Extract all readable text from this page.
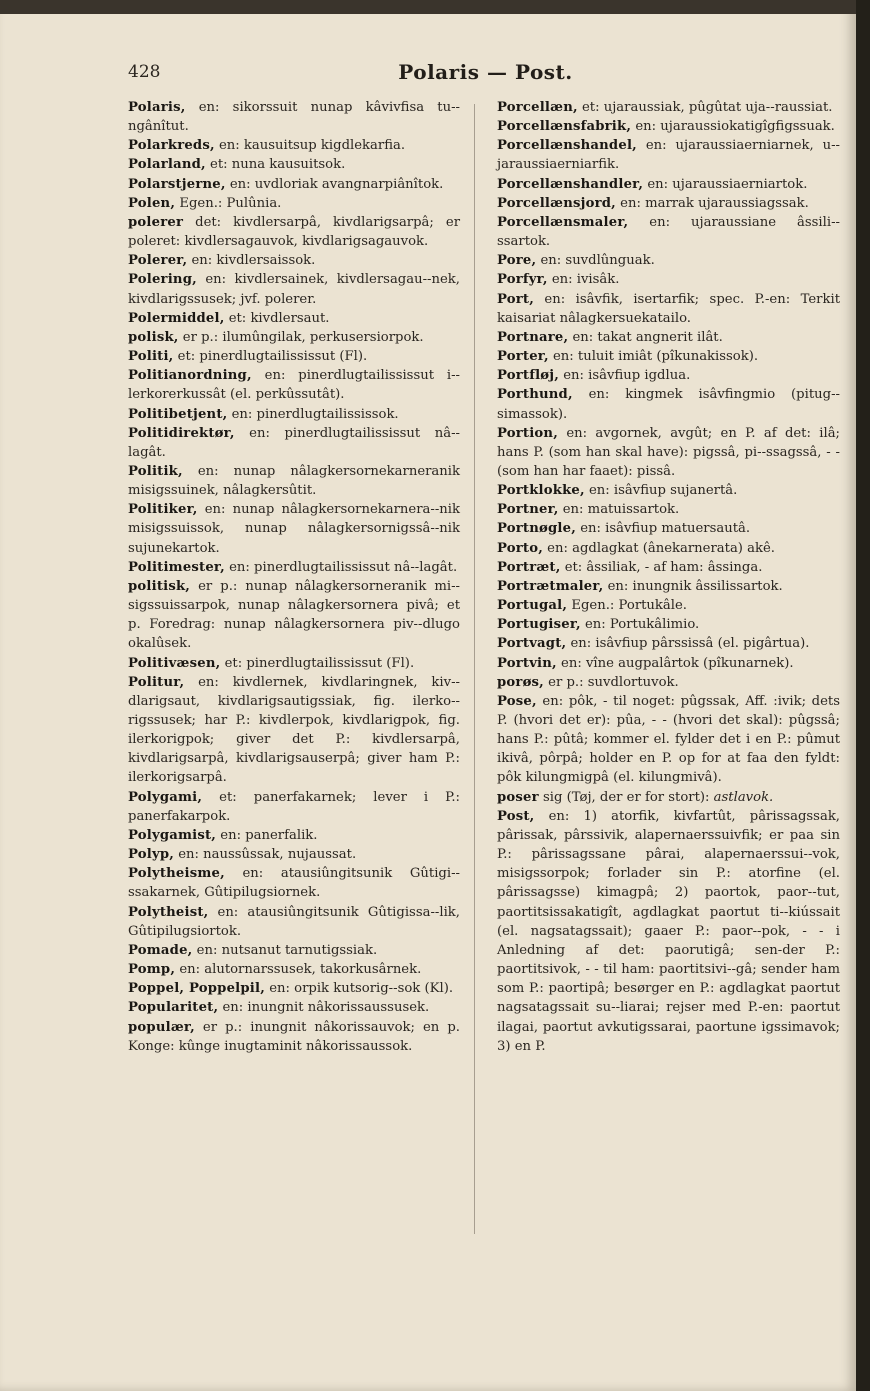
428	Polaris — Post.
Polaris, en: sikorssuit nunap kâvivfisa tu--ngânîtut.
Polarkreds, en: kausuitsup kigdlekarfia.
Polarland, et: nuna kausuitsok.
Polarstjerne, en: uvdloriak avangnarpiânîtok.
Polen, Egen.: Pulûnia.
polerer det: kivdlersarpâ, kivdlarigsarpâ; er poleret: kivdlersagauvok, kivdlarigsagauvok.
Polerer, en: kivdlersaissok.
Polering, en: kivdlersainek, kivdlersagau--nek, kivdlarigssusek; jvf. polerer.
Polermiddel, et: kivdlersaut.
polisk, er p.: ilumûngilak, perkusersiorpok.
Politi, et: pinerdlugtailississut (Fl).
Politianordning, en: pinerdlugtailississut i--lerkorerkussât (el. perkûssutât).
Politibetjent, en: pinerdlugtailississok.
Politidirektør, en: pinerdlugtailississut nâ--lagât.
Politik, en: nunap nâlagkersornekarneranik misigssuinek, nâlagkersûtit.
Politiker, en: nunap nâlagkersornekarnera--nik misigssuissok, nunap nâlagkersornigssâ--nik sujunekartok.
Politimester, en: pinerdlugtailississut nâ--lagât.
politisk, er p.: nunap nâlagkersorneranik mi--sigssuissarpok, nunap nâlagkersornera pivâ; et p. Foredrag: nunap nâlagkersornera piv--dlugo okalûsek.
Politivæsen, et: pinerdlugtailississut (Fl).
Politur, en: kivdlernek, kivdlaringnek, kiv--dlarigsaut, kivdlarigsautigssiak, fig. ilerko--rigssusek; har P.: kivdlerpok, kivdlarigpok, fig. ilerkorigpok; giver det P.: kivdlersarpâ, kivdlarigsarpâ, kivdlarigsauserpâ; giver ham P.: ilerkorigsarpâ.
Polygami, et: panerfakarnek; lever i P.: panerfakarpok.
Polygamist, en: panerfalik.
Polyp, en: naussûssak, nujaussat.
Polytheisme, en: atausiûngitsunik Gûtigi--ssakarnek, Gûtipilugsiornek.
Polytheist, en: atausiûngitsunik Gûtigissa--lik, Gûtipilugsiortok.
Pomade, en: nutsanut tarnutigssiak.
Pomp, en: alutornarssusek, takorkusârnek.
Poppel, Poppelpil, en: orpik kutsorig--sok (Kl).
Popularitet, en: inungnit nâkorissaussusek.
populær, er p.: inungnit nâkorissauvok; en p. Konge: kûnge inugtaminit nâkorissaussok.
Porcellæn, et: ujaraussiak, pûgûtat uja--raussiat.
Porcellænsfabrik, en: ujaraussiokatigîgfigssuak.
Porcellænshandel, en: ujaraussiaerniarnek, u--jaraussiaerniarfik.
Porcellænshandler, en: ujaraussiaerniartok.
Porcellænsjord, en: marrak ujaraussiagssak.
Porcellænsmaler, en: ujaraussiane âssili--ssartok.
Pore, en: suvdlûnguak.
Porfyr, en: ivisâk.
Port, en: isâvfik, isertarfik; spec. P.-en: Terkit kaisariat nâlagkersuekatailo.
Portnare, en: takat angnerit ilât.
Porter, en: tuluit imiât (pîkunakissok).
Portfløj, en: isâvfiup igdlua.
Porthund, en: kingmek isâvfingmio (pitug--simassok).
Portion, en: avgornek, avgût; en P. af det: ilâ; hans P. (som han skal have): pigssâ, pi--ssagssâ, - - (som han har faaet): pissâ.
Portklokke, en: isâvfiup sujanertâ.
Portner, en: matuissartok.
Portnøgle, en: isâvfiup matuersautâ.
Porto, en: agdlagkat (ânekarnerata) akê.
Portræt, et: âssiliak, - af ham: âssinga.
Portrætmaler, en: inungnik âssilissartok.
Portugal, Egen.: Portukâle.
Portugiser, en: Portukâlimio.
Portvagt, en: isâvfiup pârssissâ (el. pigârtua).
Portvin, en: vîne augpalârtok (pîkunarnek).
porøs, er p.: suvdlortuvok.
Pose, en: pôk, - til noget: pûgssak, Aff. :ivik; dets P. (hvori det er): pûa, - - (hvori det skal): pûgssâ; hans P.: pûtâ; kommer el. fylder det i en P.: pûmut ikivâ, pôrpâ; holder en P. op for at faa den fyldt: pôk kilungmigpâ (el. kilungmivâ).
poser sig (Tøj, der er for stort): astlavok.
Post, en: 1) atorfik, kivfartût, pârissagssak, pârissak, pârssivik, alapernaerssuivfik; er paa sin P.: pârissagssane pârai, alapernaerssui--vok, misigssorpok; forlader sin P.: atorfine (el. pârissagsse) kimagpâ; 2) paortok, paor--tut, paortitsissakatigît, agdlagkat paortut ti--kiússait (el. nagsatagssait); gaaer P.: paor--pok, - - i Anledning af det: paorutigâ; sen-der P.: paortitsivok, - - til ham: paortitsivi--gâ; sender ham som P.: paortipâ; besørger en P.: agdlagkat paortut nagsatagssait su--liarai; rejser med P.-en: paortut ilagai, paortut avkutigssarai, paortune igssimavok; 3) en P.
